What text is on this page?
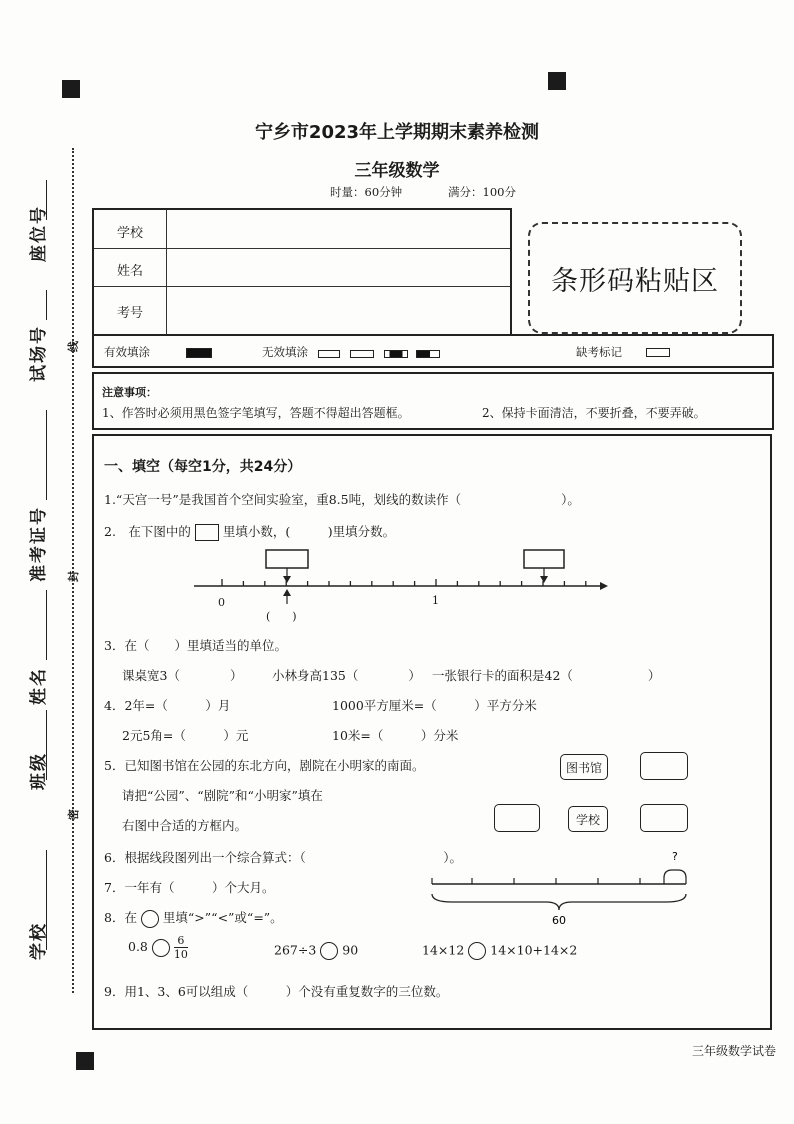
学校
班级
姓名
准考证号
试场号
座位号
线
封
密
宁乡市2023年上学期期末素养检测
三年级数学
时量：60分钟	满分：100分
学校
姓名
考号
条形码粘贴区
有效填涂	无效填涂	缺考标记
注意事项：
1、作答时必须用黑色签字笔填写，答题不得超出答题框。	2、保持卡面清洁，不要折叠，不要弄破。
一、填空（每空1分，共24分）
1.“天宫一号”是我国首个空间实验室，重8.5吨，划线的数读作（　　　　　　　　）。
2.　在下图中的	里填小数，(　　　)里填分数。
0	1
(　　)
3．在（　　）里填适当的单位。
课桌宽3（　　　　） 小林身高135（　　　　） 一张银行卡的面积是42（　　　　　　）
4．2年=（　　　）月	1000平方厘米=（　　　）平方分米
2元5角=（　　　）元	10米=（　　　）分米
5．已知图书馆在公园的东北方向，剧院在小明家的南面。
请把“公园”、“剧院”和“小明家”填在
右图中合适的方框内。
图书馆
学校
6．根据线段图列出一个综合算式：（　　　　　　　　　　　）。	?
60
7．一年有（　　　）个大月。
8．在 里填“>”“<”或“=”。
$0.8 \frac{6}{10}$	267÷3 90	14×12 14×10+14×2
9．用1、3、6可以组成（　　　）个没有重复数字的三位数。
三年级数学试卷
